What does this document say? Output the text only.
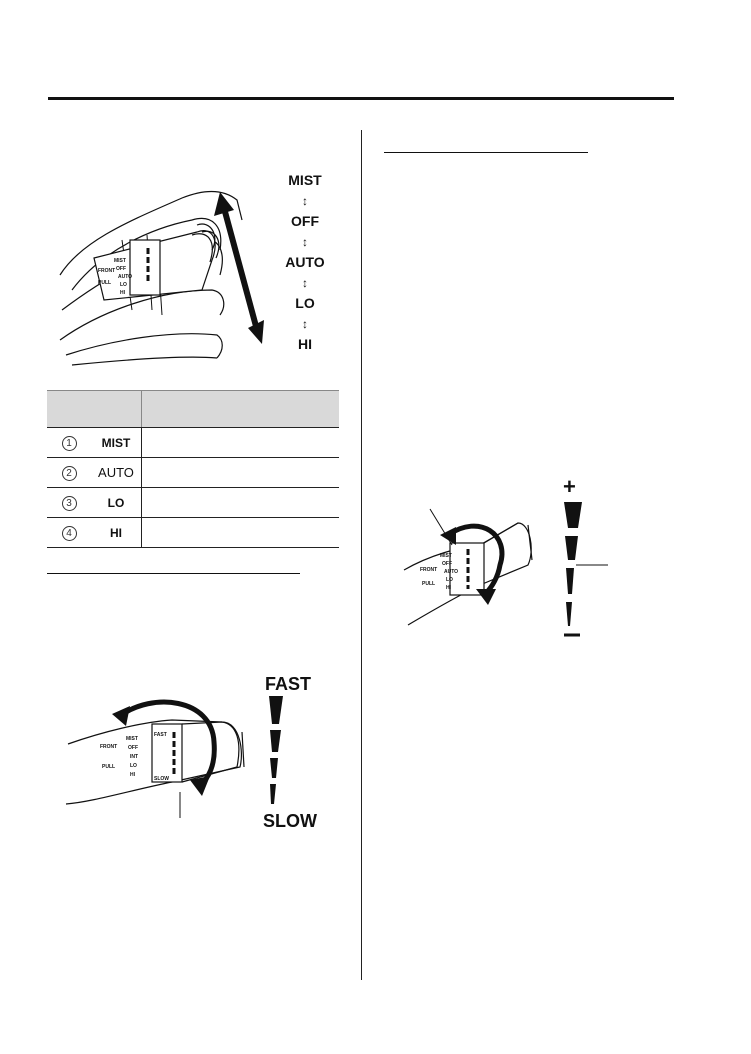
FRONT
PULL
MIST
OFF
AUTO
LO
HI
MIST
↕
OFF
↕
AUTO
↕
LO
↕
HI

1	MIST	
2	AUTO	
3	LO	
4	HI	
FRONT
PULL
MIST
OFF
INT
LO
HI
FAST
SLOW
FAST
SLOW
FRONT
PULL
MIST
OFF
AUTO
LO
HI
+
